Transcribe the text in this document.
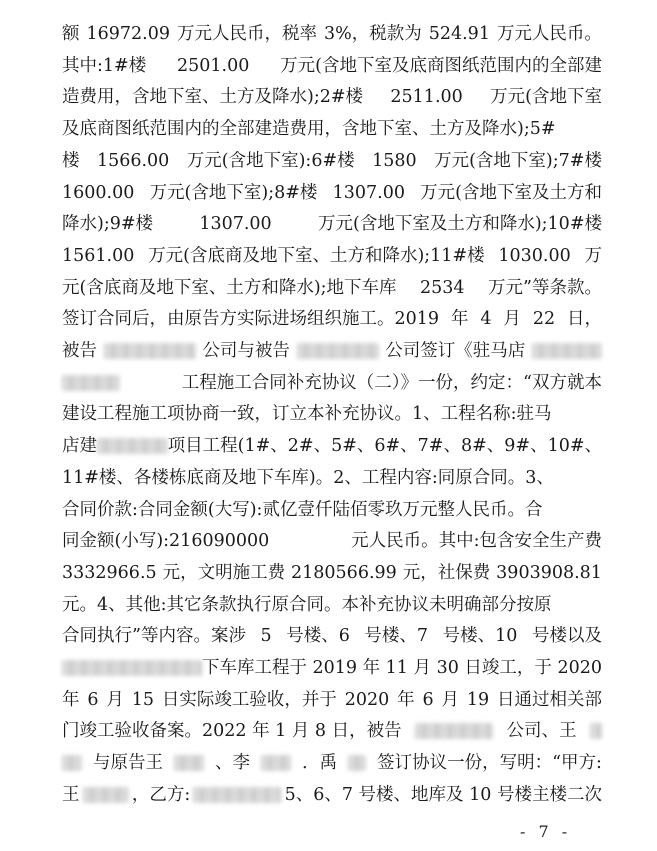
额 16972.09 万元人民币，税率 3%，税款为 524.91 万元人民币。
其中:1#楼 2501.00 万元(含地下室及底商图纸范围内的全部建
造费用，含地下室、土方及降水);2#楼 2511.00 万元(含地下室
及底商图纸范围内的全部建造费用，含地下室、土方及降水);5#
楼 1566.00 万元(含地下室):6#楼 1580 万元(含地下室);7#楼
1600.00 万元(含地下室);8#楼 1307.00 万元(含地下室及土方和
降水);9#楼	1307.00	万元(含地下室及土方和降水);10#楼
1561.00 万元(含底商及地下室、土方和降水);11#楼 1030.00 万
元(含底商及地下室、土方和降水);地下车库 2534 万元”等条款。
签订合同后，由原告方实际进场组织施工。2019 年 4 月 22 日，
被告	公司与被告	公司签订《驻马店
工程施工合同补充协议（二）》一份，约定：“双方就本
建设工程施工项协商一致，订立本补充协议。1、工程名称:驻马
店建	项目工程(1#、2#、5#、6#、7#、8#、9#、10#、
11#楼、各楼栋底商及地下车库)。2、工程内容:同原合同。3、
合同价款:合同金额(大写):贰亿壹仟陆佰零玖万元整人民币。合
同金额(小写):216090000	元人民币。其中:包含安全生产费
3332966.5 元，文明施工费 2180566.99 元，社保费 3903908.81
元。4、其他:其它条款执行原合同。本补充协议未明确部分按原
合同执行”等内容。案涉 5 号楼、6 号楼、7 号楼、10 号楼以及
下车库工程于 2019 年 11 月 30 日竣工，于 2020
年 6 月 15 日实际竣工验收，并于 2020 年 6 月 19 日通过相关部
门竣工验收备案。2022 年 1 月 8 日，被告	公司、王
与原告王	、李	．禹 签订协议一份，写明：“甲方:
王	，乙方:	5、6、7 号楼、地库及 10 号楼主楼二次
- 7 -
